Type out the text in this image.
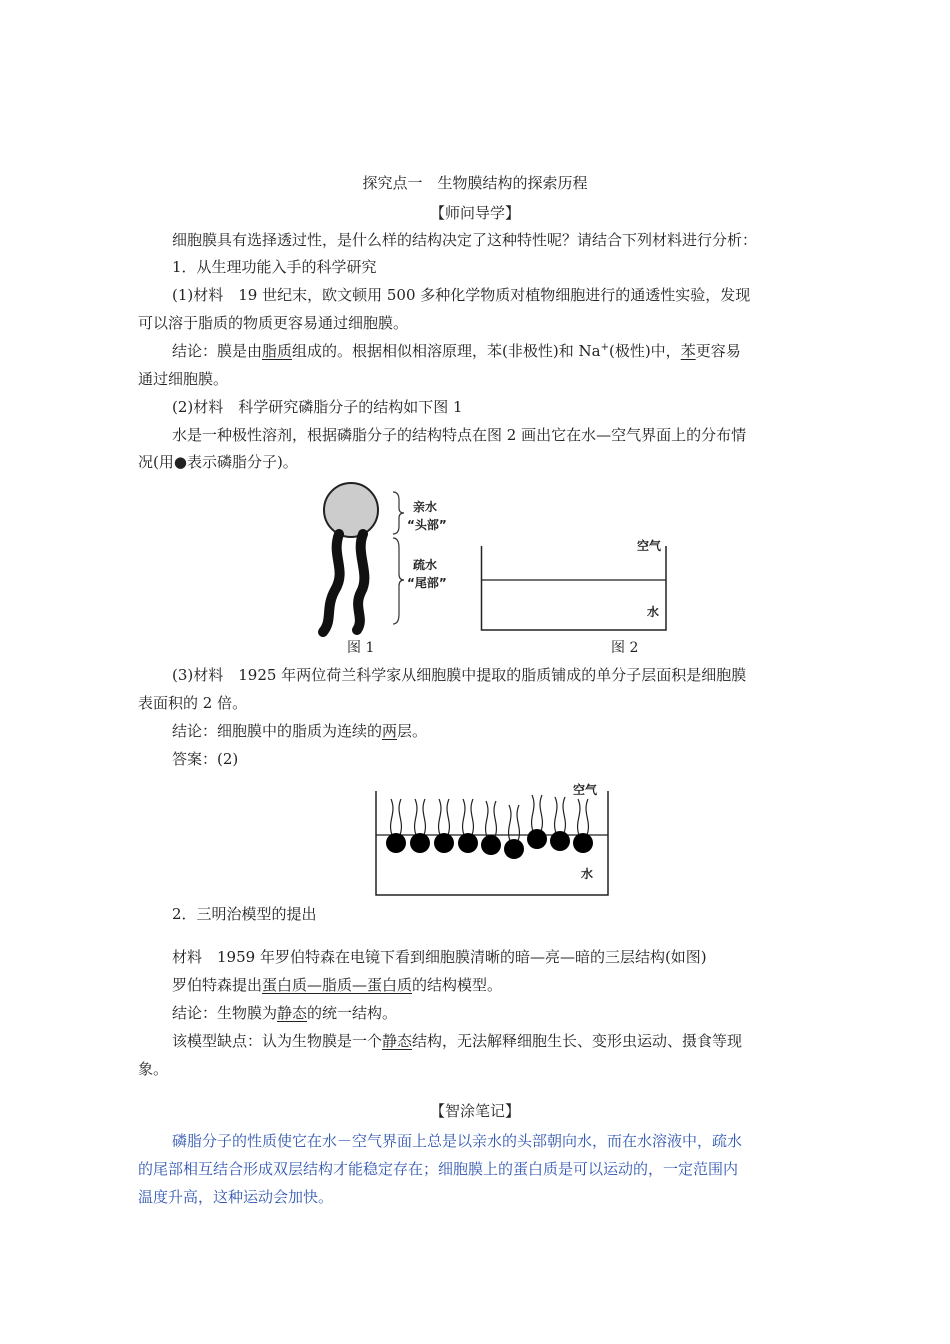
探究点一　生物膜结构的探索历程
【师问导学】
细胞膜具有选择透过性，是什么样的结构决定了这种特性呢？请结合下列材料进行分析：
1．从生理功能入手的科学研究
(1)材料　19 世纪末，欧文顿用 500 多种化学物质对植物细胞进行的通透性实验，发现
可以溶于脂质的物质更容易通过细胞膜。
结论：膜是由脂质组成的。根据相似相溶原理，苯(非极性)和 Na+(极性)中，苯更容易
通过细胞膜。
(2)材料　科学研究磷脂分子的结构如下图 1
水是一种极性溶剂，根据磷脂分子的结构特点在图 2 画出它在水—空气界面上的分布情
况(用●表示磷脂分子)。
亲水
“头部”
疏水
“尾部”
图 1
空气
水
图 2
(3)材料　1925 年两位荷兰科学家从细胞膜中提取的脂质铺成的单分子层面积是细胞膜
表面积的 2 倍。
结论：细胞膜中的脂质为连续的两层。
答案：(2)
空气
水
2．三明治模型的提出
材料　1959 年罗伯特森在电镜下看到细胞膜清晰的暗—亮—暗的三层结构(如图)
罗伯特森提出蛋白质—脂质—蛋白质的结构模型。
结论：生物膜为静态的统一结构。
该模型缺点：认为生物膜是一个静态结构，无法解释细胞生长、变形虫运动、摄食等现
象。
【智涂笔记】
磷脂分子的性质使它在水－空气界面上总是以亲水的头部朝向水，而在水溶液中，疏水
的尾部相互结合形成双层结构才能稳定存在；细胞膜上的蛋白质是可以运动的，一定范围内
温度升高，这种运动会加快。
